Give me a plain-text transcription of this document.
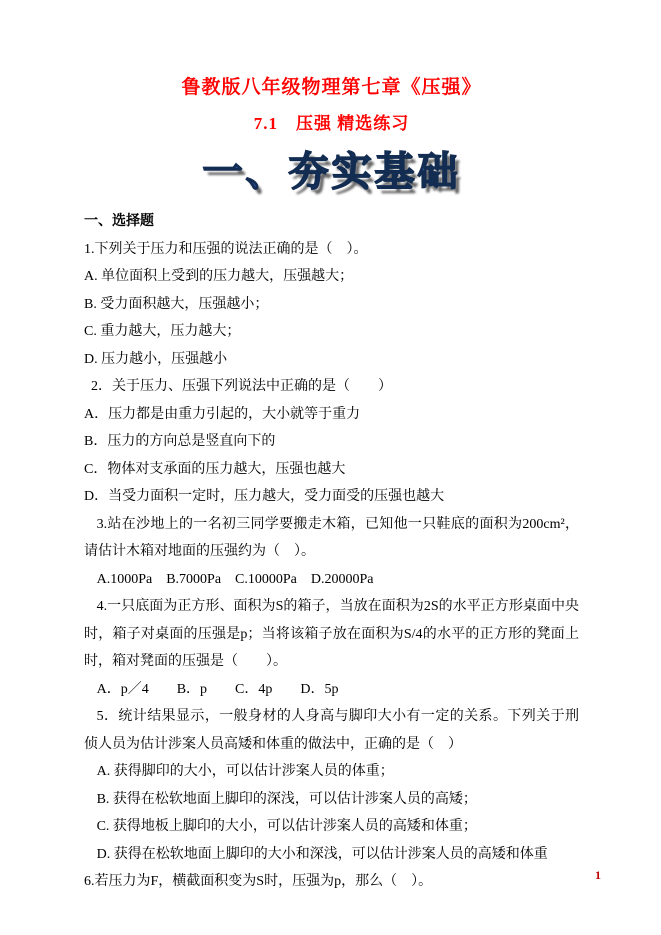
鲁教版八年级物理第七章《压强》
7.1　压强 精选练习
一、夯实基础

一、选择题

1.下列关于压力和压强的说法正确的是（　）。

A. 单位面积上受到的压力越大，压强越大；

B. 受力面积越大，压强越小；

C. 重力越大，压力越大；

D. 压力越小，压强越小

2．关于压力、压强下列说法中正确的是（　　）

A．压力都是由重力引起的，大小就等于重力

B．压力的方向总是竖直向下的

C．物体对支承面的压力越大，压强也越大

D．当受力面积一定时，压力越大，受力面受的压强也越大

3.站在沙地上的一名初三同学要搬走木箱，已知他一只鞋底的面积为200cm²，请估计木箱对地面的压强约为（　）。

A.1000Pa　B.7000Pa　C.10000Pa　D.20000Pa

4.一只底面为正方形、面积为S的箱子，当放在面积为2S的水平正方形桌面中央时，箱子对桌面的压强是p；当将该箱子放在面积为S/4的水平的正方形的凳面上时，箱对凳面的压强是（　　）。

A．p／4　　B．p　　C．4p　　D．5p

5．统计结果显示，一般身材的人身高与脚印大小有一定的关系。下列关于刑侦人员为估计涉案人员高矮和体重的做法中，正确的是（　）

A. 获得脚印的大小，可以估计涉案人员的体重；

B. 获得在松软地面上脚印的深浅，可以估计涉案人员的高矮；

C. 获得地板上脚印的大小，可以估计涉案人员的高矮和体重；

D. 获得在松软地面上脚印的大小和深浅，可以估计涉案人员的高矮和体重

6.若压力为F，横截面积变为S时，压强为p，那么（　）。	1
